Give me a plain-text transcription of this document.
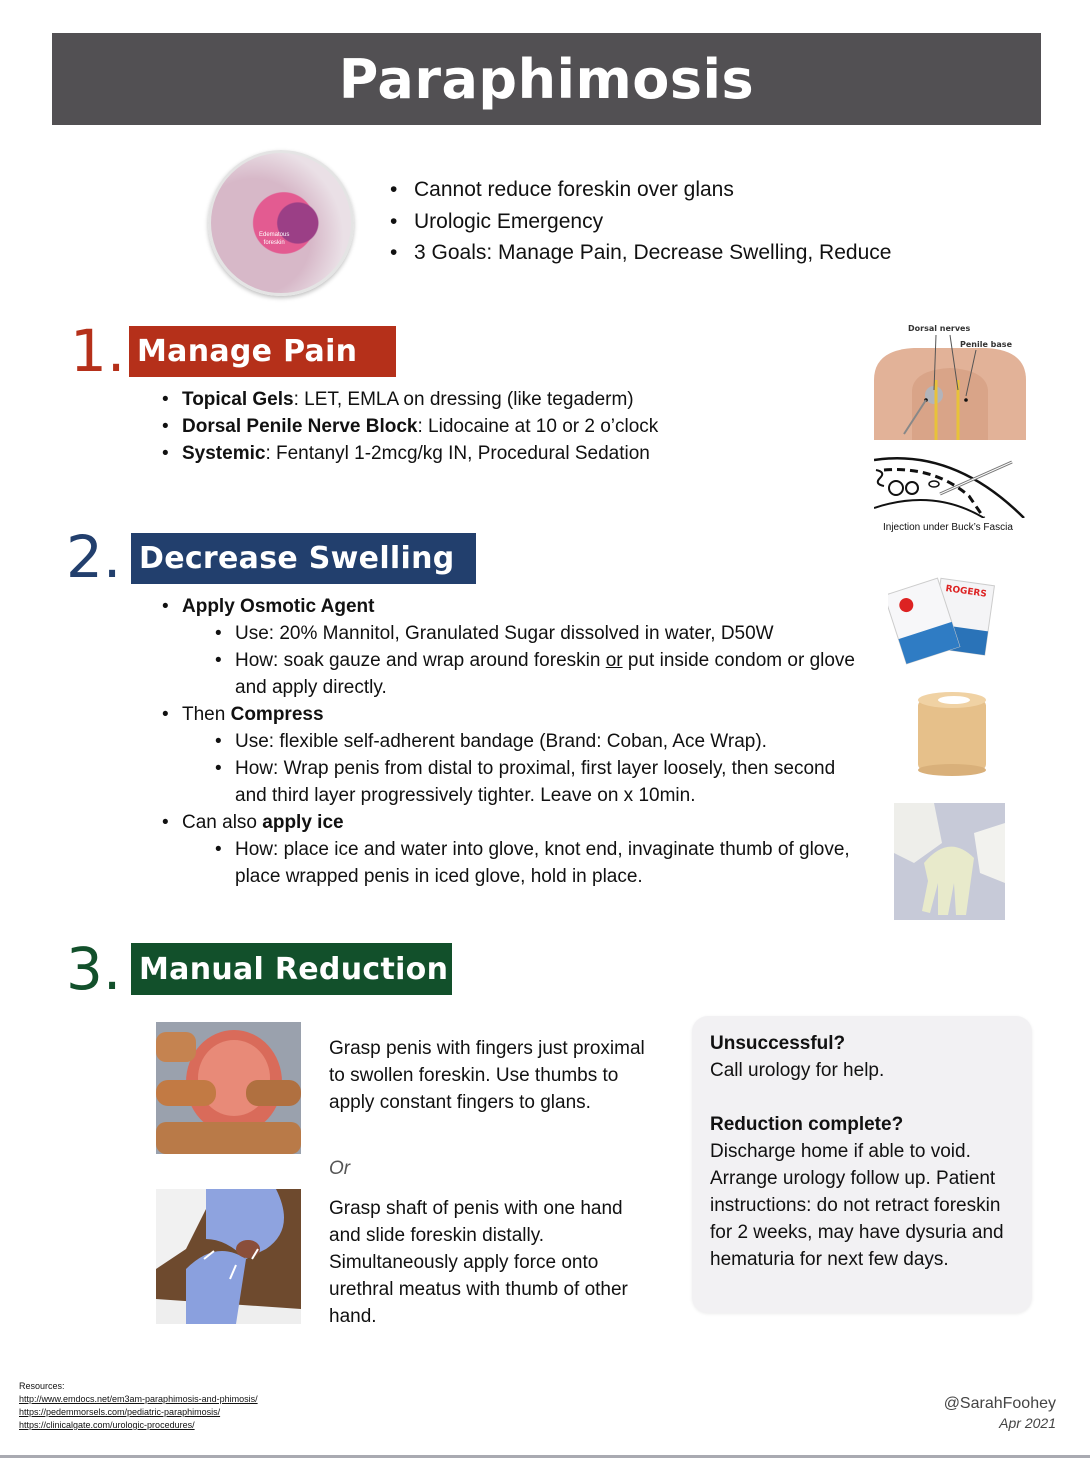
Paraphimosis
Edematous
foreskin
• Cannot reduce foreskin over glans
• Urologic Emergency
• 3 Goals: Manage Pain, Decrease Swelling, Reduce
1. Manage Pain
• Topical Gels: LET, EMLA on dressing (like tegaderm)
• Dorsal Penile Nerve Block: Lidocaine at 10 or 2 o’clock
• Systemic: Fentanyl 1-2mcg/kg IN, Procedural Sedation
Dorsal nerves
Penile base
Injection under Buck’s Fascia
2. Decrease Swelling
• Apply Osmotic Agent
• Use: 20% Mannitol, Granulated Sugar dissolved in water, D50W
• How: soak gauze and wrap around foreskin or put inside condom or glove and apply directly.
• Then Compress
• Use: flexible self-adherent bandage (Brand: Coban, Ace Wrap).
• How: Wrap penis from distal to proximal, first layer loosely, then second and third layer progressively tighter. Leave on x 10min.
• Can also apply ice
• How: place ice and water into glove, knot end, invaginate thumb of glove, place wrapped penis in iced glove, hold in place.
ROGERS
3. Manual Reduction
Grasp penis with fingers just proximal to swollen foreskin. Use thumbs to apply constant fingers to glans.
Or
Grasp shaft of penis with one hand and slide foreskin distally. Simultaneously apply force onto urethral meatus with thumb of other hand.
Unsuccessful?
Call urology for help.
Reduction complete?
Discharge home if able to void. Arrange urology follow up. Patient instructions: do not retract foreskin for 2 weeks, may have dysuria and hematuria for next few days.
Resources:
http://www.emdocs.net/em3am-paraphimosis-and-phimosis/
https://pedemmorsels.com/pediatric-paraphimosis/
https://clinicalgate.com/urologic-procedures/
@SarahFoohey
Apr 2021
